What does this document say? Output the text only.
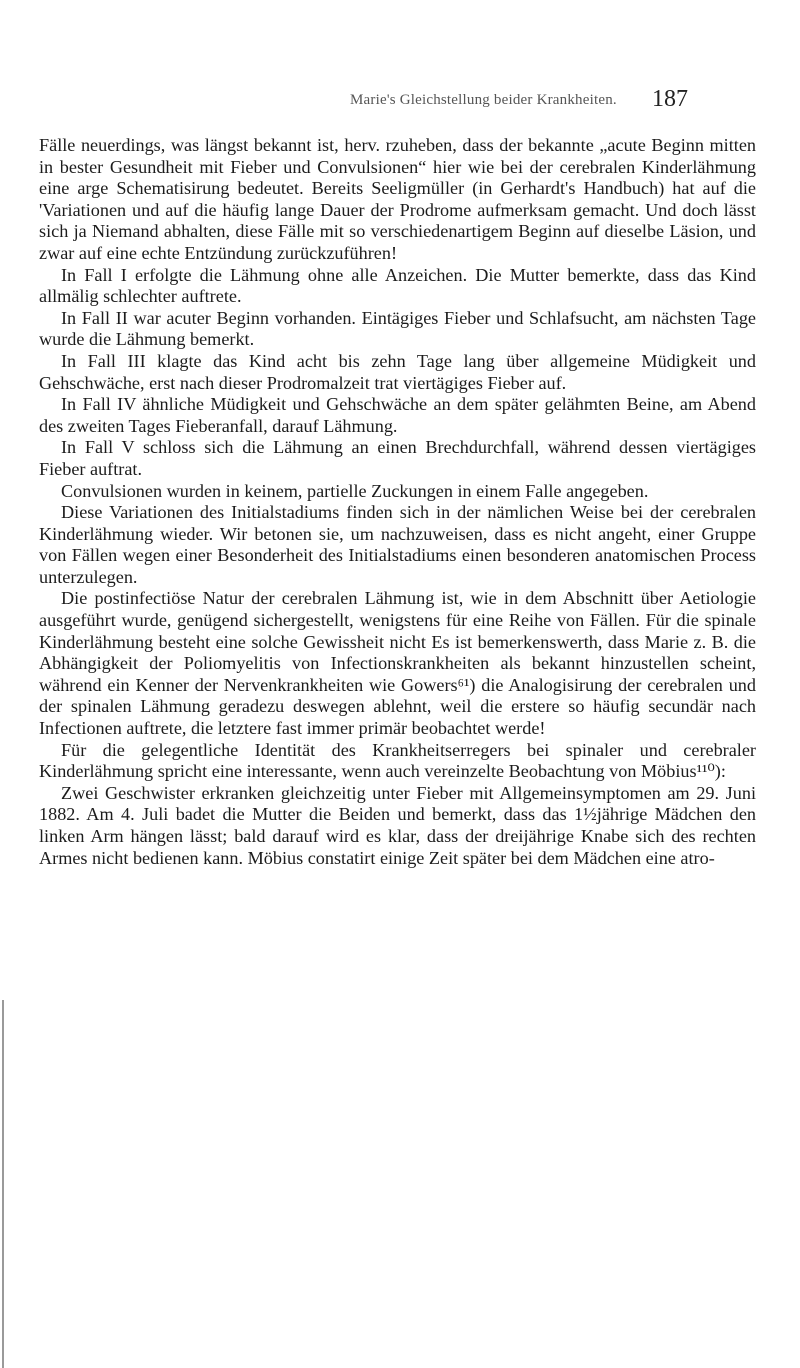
Marie's Gleichstellung beider Krankheiten. 187

Fälle neuerdings, was längst bekannt ist, herv. rzuheben, dass der bekannte „acute Beginn mitten in bester Gesundheit mit Fieber und Convulsionen“ hier wie bei der cerebralen Kinderlähmung eine arge Schematisirung bedeutet. Bereits Seeligmüller (in Gerhardt's Handbuch) hat auf die 'Variationen und auf die häufig lange Dauer der Prodrome aufmerksam gemacht. Und doch lässt sich ja Niemand abhalten, diese Fälle mit so verschiedenartigem Beginn auf dieselbe Läsion, und zwar auf eine echte Entzündung zurückzuführen!

In Fall I erfolgte die Lähmung ohne alle Anzeichen. Die Mutter bemerkte, dass das Kind allmälig schlechter auftrete.

In Fall II war acuter Beginn vorhanden. Eintägiges Fieber und Schlafsucht, am nächsten Tage wurde die Lähmung bemerkt.

In Fall III klagte das Kind acht bis zehn Tage lang über allgemeine Müdigkeit und Gehschwäche, erst nach dieser Prodromalzeit trat viertägiges Fieber auf.

In Fall IV ähnliche Müdigkeit und Gehschwäche an dem später gelähmten Beine, am Abend des zweiten Tages Fieberanfall, darauf Lähmung.

In Fall V schloss sich die Lähmung an einen Brechdurchfall, während dessen viertägiges Fieber auftrat.

Convulsionen wurden in keinem, partielle Zuckungen in einem Falle angegeben.

Diese Variationen des Initialstadiums finden sich in der nämlichen Weise bei der cerebralen Kinderlähmung wieder. Wir betonen sie, um nachzuweisen, dass es nicht angeht, einer Gruppe von Fällen wegen einer Besonderheit des Initialstadiums einen besonderen anatomischen Process unterzulegen.

Die postinfectiöse Natur der cerebralen Lähmung ist, wie in dem Abschnitt über Aetiologie ausgeführt wurde, genügend sichergestellt, wenigstens für eine Reihe von Fällen. Für die spinale Kinderlähmung besteht eine solche Gewissheit nicht Es ist bemerkenswerth, dass Marie z. B. die Abhängigkeit der Poliomyelitis von Infectionskrankheiten als bekannt hinzustellen scheint, während ein Kenner der Nervenkrankheiten wie Gowers⁶¹) die Analogisirung der cerebralen und der spinalen Lähmung geradezu deswegen ablehnt, weil die erstere so häufig secundär nach Infectionen auftrete, die letztere fast immer primär beobachtet werde!

Für die gelegentliche Identität des Krankheitserregers bei spinaler und cerebraler Kinderlähmung spricht eine interessante, wenn auch vereinzelte Beobachtung von Möbius¹¹⁰):

Zwei Geschwister erkranken gleichzeitig unter Fieber mit Allgemeinsymptomen am 29. Juni 1882. Am 4. Juli badet die Mutter die Beiden und bemerkt, dass das 1½jährige Mädchen den linken Arm hängen lässt; bald darauf wird es klar, dass der dreijährige Knabe sich des rechten Armes nicht bedienen kann. Möbius constatirt einige Zeit später bei dem Mädchen eine atro-
